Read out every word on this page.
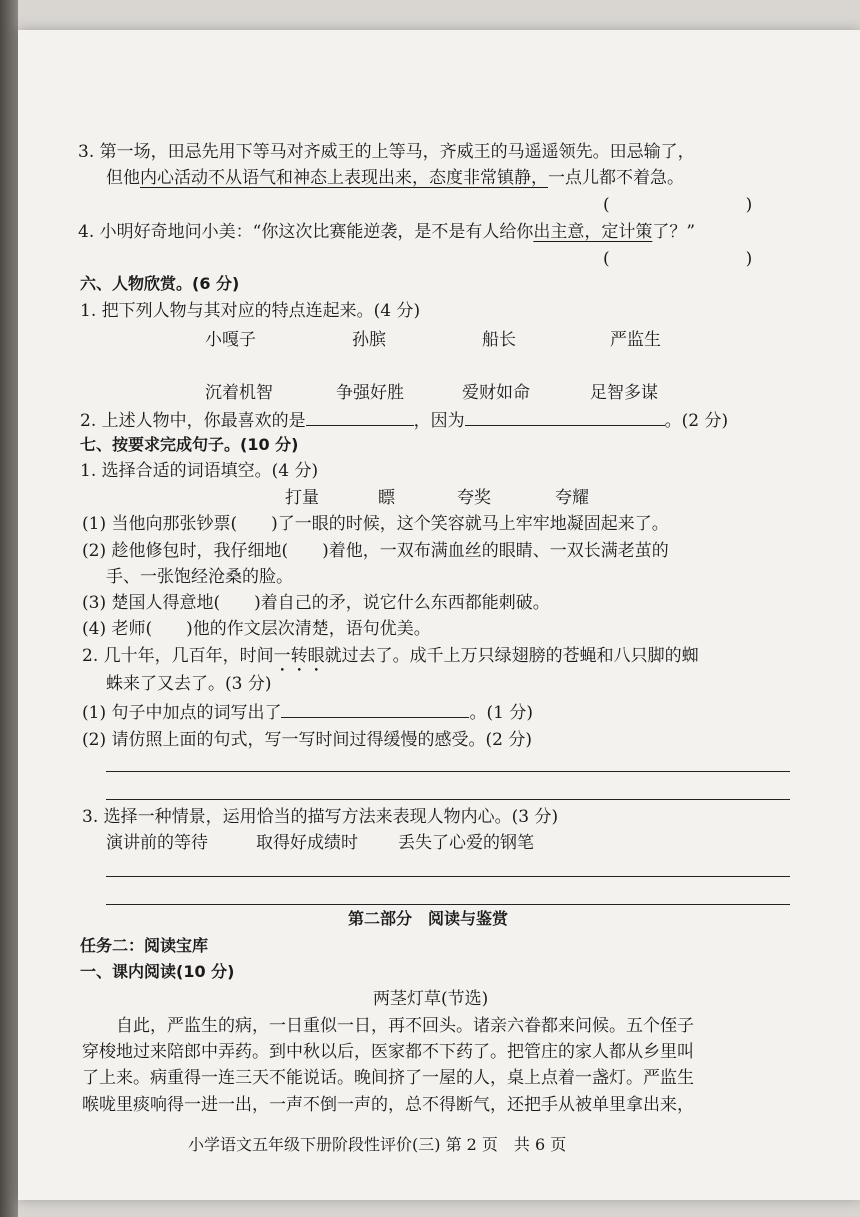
3. 第一场，田忌先用下等马对齐威王的上等马，齐威王的马遥遥领先。田忌输了，
但他内心活动不从语气和神态上表现出来，态度非常镇静，一点儿都不着急。
(　　　　　　　　)
4. 小明好奇地问小美：“你这次比赛能逆袭，是不是有人给你出主意，定计策了？”
(　　　　　　　　)
六、人物欣赏。(6 分)
1. 把下列人物与其对应的特点连起来。(4 分)
小嘎子	孙膑	船长	严监生
沉着机智	争强好胜	爱财如命	足智多谋
2. 上述人物中，你最喜欢的是	，因为	。(2 分)
七、按要求完成句子。(10 分)
1. 选择合适的词语填空。(4 分)
打量	瞟	夸奖	夸耀
(1) 当他向那张钞票(　　)了一眼的时候，这个笑容就马上牢牢地凝固起来了。
(2) 趁他修包时，我仔细地(　　)着他，一双布满血丝的眼睛、一双长满老茧的
手、一张饱经沧桑的脸。
(3) 楚国人得意地(　　)着自己的矛，说它什么东西都能刺破。
(4) 老师(　　)他的作文层次清楚，语句优美。
2. 几十年，几百年，时间一转眼就过去了。成千上万只绿翅膀的苍蝇和八只脚的蜘
蛛来了又去了。(3 分)
(1) 句子中加点的词写出了	。(1 分)
(2) 请仿照上面的句式，写一写时间过得缓慢的感受。(2 分)
3. 选择一种情景，运用恰当的描写方法来表现人物内心。(3 分)
演讲前的等待	取得好成绩时 丢失了心爱的钢笔
第二部分　阅读与鉴赏
任务二：阅读宝库
一、课内阅读(10 分)
两茎灯草(节选)
　　自此，严监生的病，一日重似一日，再不回头。诸亲六眷都来问候。五个侄子
穿梭地过来陪郎中弄药。到中秋以后，医家都不下药了。把管庄的家人都从乡里叫
了上来。病重得一连三天不能说话。晚间挤了一屋的人，桌上点着一盏灯。严监生
喉咙里痰响得一进一出，一声不倒一声的，总不得断气，还把手从被单里拿出来，
小学语文五年级下册阶段性评价(三) 第 2 页　共 6 页
